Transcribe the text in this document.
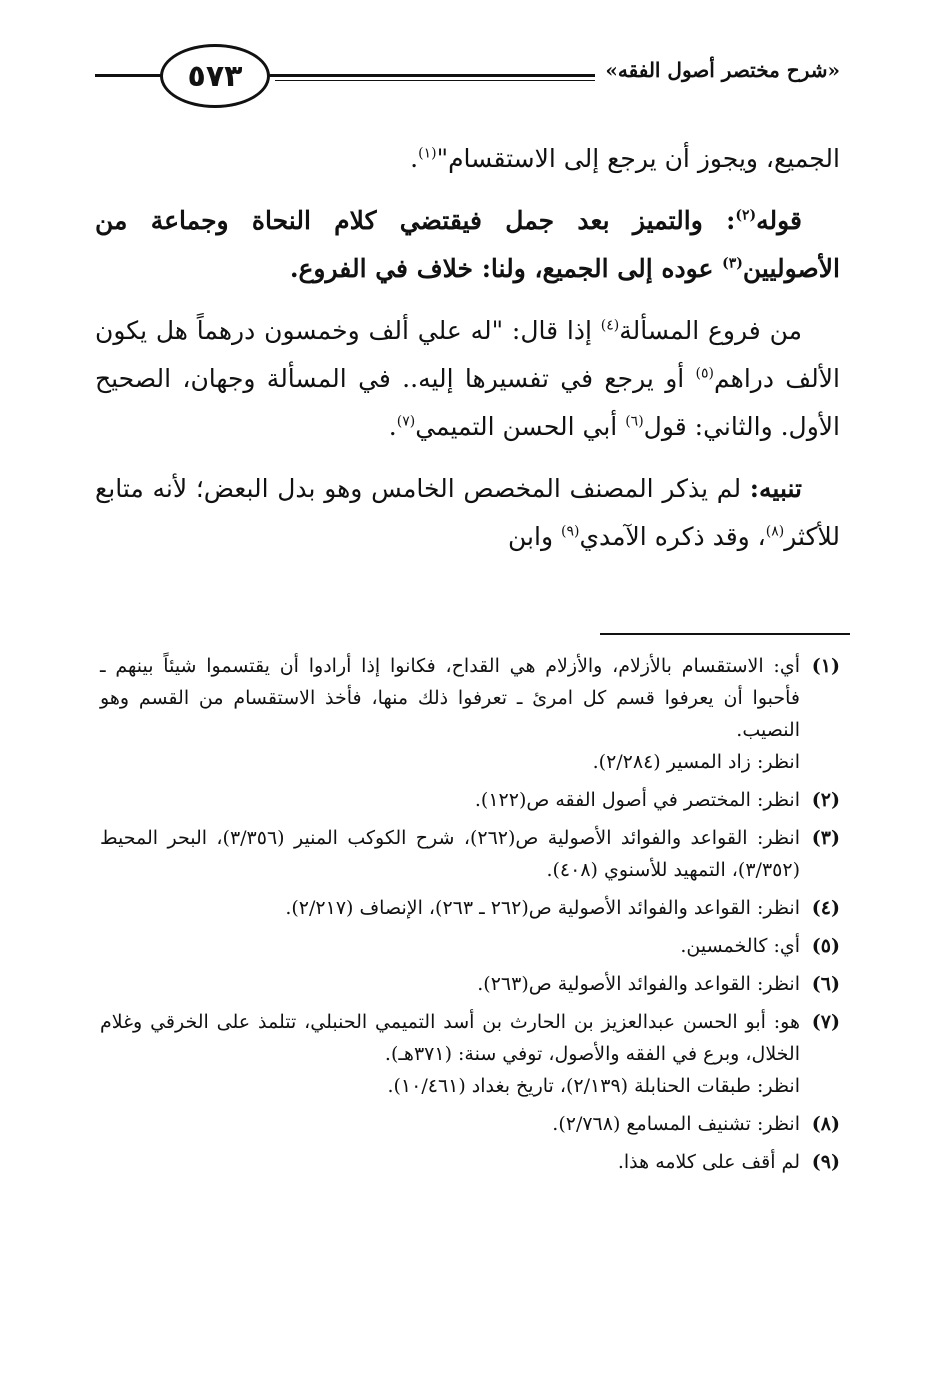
«شرح مختصر أصول الفقه»
٥٧٣

الجميع، ويجوز أن يرجع إلى الاستقسام"$^{(١)}$.

قوله$^{(٢)}$: والتميز بعد جمل فيقتضي كلام النحاة وجماعة من الأصوليين$^{(٣)}$ عوده إلى الجميع، ولنا: خلاف في الفروع.

من فروع المسألة$^{(٤)}$ إذا قال: "له علي ألف وخمسون درهماً هل يكون الألف دراهم$^{(٥)}$ أو يرجع في تفسيرها إليه.. في المسألة وجهان، الصحيح الأول. والثاني: قول$^{(٦)}$ أبي الحسن التميمي$^{(٧)}$.

تنبيه: لم يذكر المصنف المخصص الخامس وهو بدل البعض؛ لأنه متابع للأكثر$^{(٨)}$، وقد ذكره الآمدي$^{(٩)}$ وابن

(١)
أي: الاستقسام بالأزلام، والأزلام هي القداح، فكانوا إذا أرادوا أن يقتسموا شيئاً بينهم ـ فأحبوا أن يعرفوا قسم كل امرئ ـ تعرفوا ذلك منها، فأخذ الاستقسام من القسم وهو النصيب.
انظر: زاد المسير (٢/٢٨٤).
(٢)
انظر: المختصر في أصول الفقه ص(١٢٢).
(٣)
انظر: القواعد والفوائد الأصولية ص(٢٦٢)، شرح الكوكب المنير (٣/٣٥٦)، البحر المحيط (٣/٣٥٢)، التمهيد للأسنوي (٤٠٨).
(٤)
انظر: القواعد والفوائد الأصولية ص(٢٦٢ ـ ٢٦٣)، الإنصاف (٢/٢١٧).
(٥)
أي: كالخمسين.
(٦)
انظر: القواعد والفوائد الأصولية ص(٢٦٣).
(٧)
هو: أبو الحسن عبدالعزيز بن الحارث بن أسد التميمي الحنبلي، تتلمذ على الخرقي وغلام الخلال، وبرع في الفقه والأصول، توفي سنة: (٣٧١هـ).
انظر: طبقات الحنابلة (٢/١٣٩)، تاريخ بغداد (١٠/٤٦١).
(٨)
انظر: تشنيف المسامع (٢/٧٦٨).
(٩)
لم أقف على كلامه هذا.
